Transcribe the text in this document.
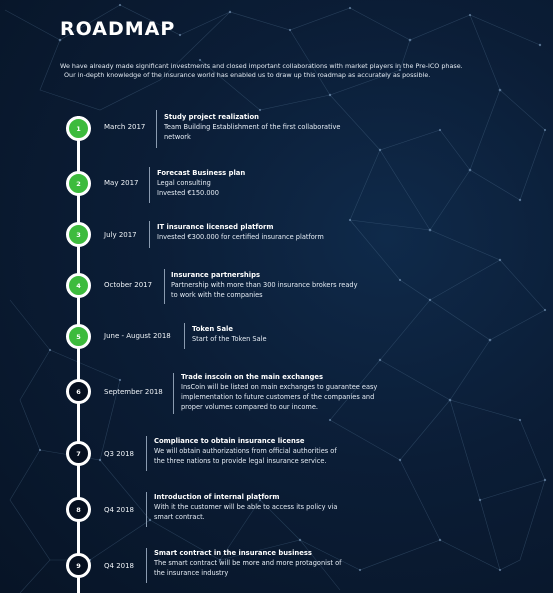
ROADMAP

We have already made significant investments and closed important collaborations with market players in the Pre-ICO phase.

Our in-depth knowledge of the insurance world has enabled us to draw up this roadmap as accurately as possible.

1	March 2017
Study project realization
Team Building Establishment of the first collaborative
network
2	May 2017
Forecast Business plan
Legal consulting
Invested €150.000
3	July 2017
IT insurance licensed platform
Invested €300.000 for certified insurance platform
4	October 2017
Insurance partnerships
Partnership with more than 300 insurance brokers ready
to work with the companies
5	June - August 2018
Token Sale
Start of the Token Sale
6	September 2018
Trade inscoin on the main exchanges
InsCoin will be listed on main exchanges to guarantee easy
implementation to future customers of the companies and
proper volumes compared to our income.
7	Q3 2018
Compliance to obtain insurance license
We will obtain authorizations from official authorities of
the three nations to provide legal insurance service.
8	Q4 2018
Introduction of internal platform
With it the customer will be able to access its policy via
smart contract.
9	Q4 2018
Smart contract in the insurance business
The smart contract will be more and more protagonist of
the insurance industry
